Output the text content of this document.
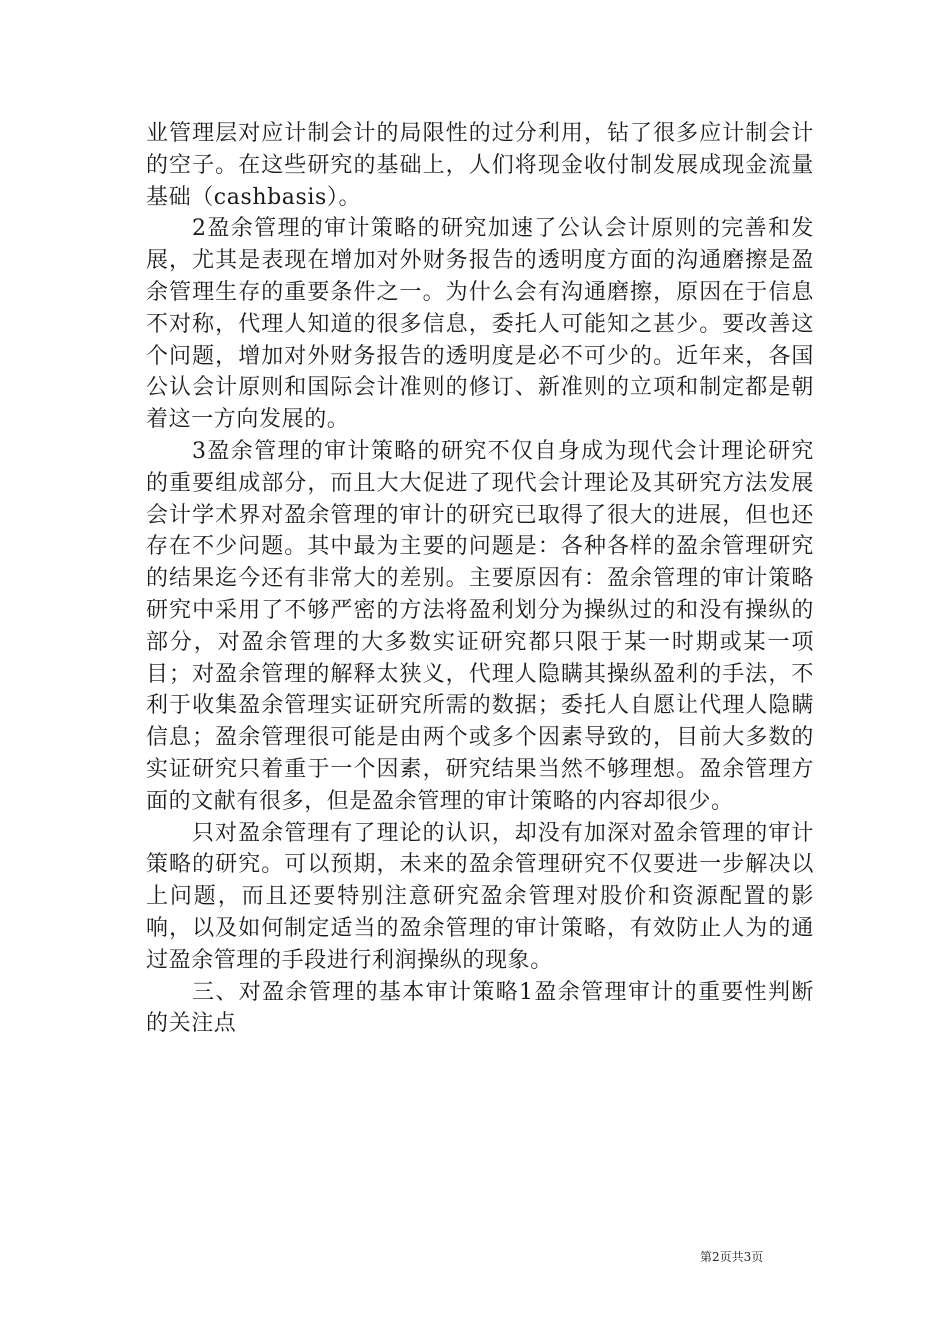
业管理层对应计制会计的局限性的过分利用，钻了很多应计制会计的空子。在这些研究的基础上，人们将现金收付制发展成现金流量基础（cashbasis）。

2盈余管理的审计策略的研究加速了公认会计原则的完善和发展，尤其是表现在增加对外财务报告的透明度方面的沟通磨擦是盈余管理生存的重要条件之一。为什么会有沟通磨擦，原因在于信息不对称，代理人知道的很多信息，委托人可能知之甚少。要改善这个问题，增加对外财务报告的透明度是必不可少的。近年来，各国公认会计原则和国际会计准则的修订、新准则的立项和制定都是朝着这一方向发展的。

3盈余管理的审计策略的研究不仅自身成为现代会计理论研究的重要组成部分，而且大大促进了现代会计理论及其研究方法发展会计学术界对盈余管理的审计的研究已取得了很大的进展，但也还存在不少问题。其中最为主要的问题是：各种各样的盈余管理研究的结果迄今还有非常大的差别。主要原因有：盈余管理的审计策略研究中采用了不够严密的方法将盈利划分为操纵过的和没有操纵的部分，对盈余管理的大多数实证研究都只限于某一时期或某一项目；对盈余管理的解释太狭义，代理人隐瞒其操纵盈利的手法，不利于收集盈余管理实证研究所需的数据；委托人自愿让代理人隐瞒信息；盈余管理很可能是由两个或多个因素导致的，目前大多数的实证研究只着重于一个因素，研究结果当然不够理想。盈余管理方面的文献有很多，但是盈余管理的审计策略的内容却很少。

只对盈余管理有了理论的认识，却没有加深对盈余管理的审计策略的研究。可以预期，未来的盈余管理研究不仅要进一步解决以上问题，而且还要特别注意研究盈余管理对股价和资源配置的影响，以及如何制定适当的盈余管理的审计策略，有效防止人为的通过盈余管理的手段进行利润操纵的现象。

三、对盈余管理的基本审计策略1盈余管理审计的重要性判断的关注点

第2页共3页
